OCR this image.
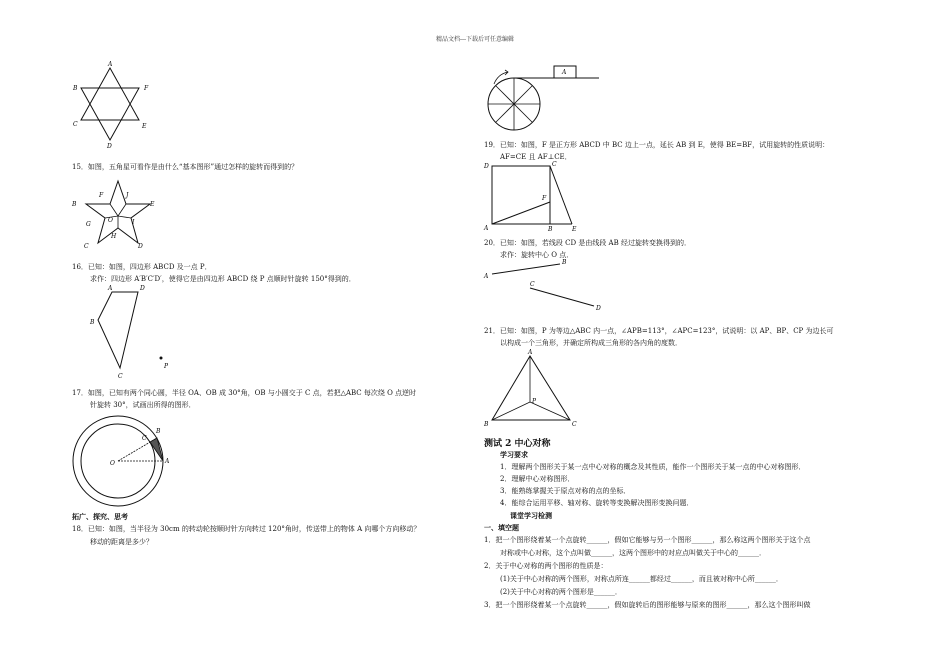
精品文档---下载后可任意编辑
A
B	F
C	E
D
15．如图，五角星可看作是由什么“基本图形”通过怎样的旋转而得到的？
B
F	J
E
G
O	I
H
C	D
16．已知：如图，四边形 ABCD 及一点 P．
求作：四边形 A′B′C′D′，使得它是由四边形 ABCD 绕 P 点顺时针旋转 150°得到的．
A	D
B
C
P
17．如图，已知有两个同心圆，半径 OA、OB 成 30°角，OB 与小圆交于 C 点，若把△ABC 每次绕 O 点逆时
针旋转 30°，试画出所得的图形．
O	A
C
B
拓广、探究、思考
18．已知：如图，当半径为 30cm 的转动轮按顺时针方向转过 120°角时，传送带上的物体 A 向哪个方向移动？
移动的距离是多少？
A
19．已知：如图，F 是正方形 ABCD 中 BC 边上一点，延长 AB 到 E，使得 BE=BF，试用旋转的性质说明：
AF=CE 且 AF⊥CE．
D	C
F
A	B	E
20．已知：如图，若线段 CD 是由线段 AB 经过旋转变换得到的．
求作：旋转中心 O 点．
A
B
C
D
21．已知：如图，P 为等边△ABC 内一点，∠APB=113°，∠APC=123°，试说明：以 AP、BP、CP 为边长可
以构成一个三角形，并确定所构成三角形的各内角的度数．
A
P
B	C
测试 2 中心对称
学习要求
1．理解两个图形关于某一点中心对称的概念及其性质，能作一个图形关于某一点的中心对称图形．
2．理解中心对称图形．
3．能熟练掌握关于原点对称的点的坐标．
4．能综合运用平移、轴对称、旋转等变换解决图形变换问题．
课堂学习检测
一、填空题
1．把一个图形绕着某一个点旋转______，假如它能够与另一个图形______，那么称这两个图形关于这个点
对称或中心对称，这个点叫做______，这两个图形中的对应点叫做关于中心的______．
2．关于中心对称的两个图形的性质是：
(1)关于中心对称的两个图形，对称点所连______都经过______，而且被对称中心所______．
(2)关于中心对称的两个图形是______．
3．把一个图形绕着某一个点旋转______，假如旋转后的图形能够与原来的图形______，那么这个图形叫做
